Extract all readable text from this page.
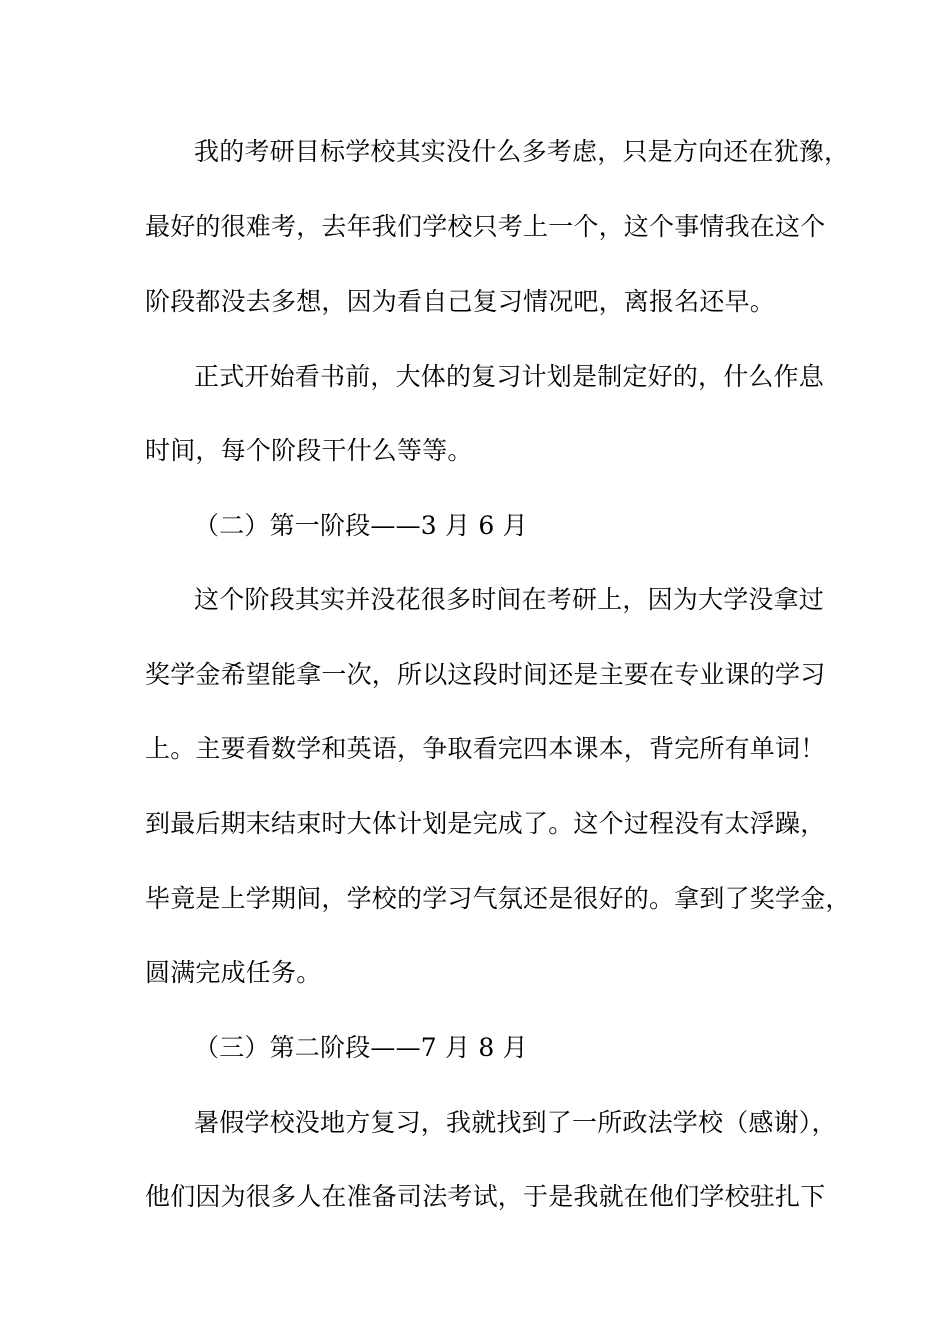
我的考研目标学校其实没什么多考虑，只是方向还在犹豫，
最好的很难考，去年我们学校只考上一个，这个事情我在这个
阶段都没去多想，因为看自己复习情况吧，离报名还早。
正式开始看书前，大体的复习计划是制定好的，什么作息
时间，每个阶段干什么等等。
（二）第一阶段——3 月 6 月
这个阶段其实并没花很多时间在考研上，因为大学没拿过
奖学金希望能拿一次，所以这段时间还是主要在专业课的学习
上。主要看数学和英语，争取看完四本课本，背完所有单词！
到最后期末结束时大体计划是完成了。这个过程没有太浮躁，
毕竟是上学期间，学校的学习气氛还是很好的。拿到了奖学金，
圆满完成任务。
（三）第二阶段——7 月 8 月
暑假学校没地方复习，我就找到了一所政法学校（感谢），
他们因为很多人在准备司法考试，于是我就在他们学校驻扎下
